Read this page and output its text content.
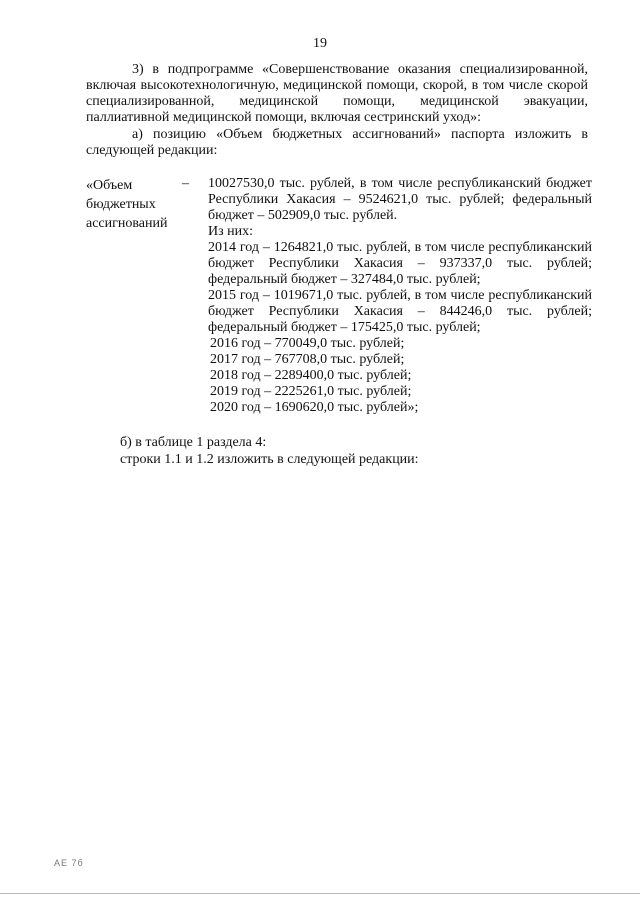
19
3) в подпрограмме «Совершенствование оказания специализированной, включая высокотехнологичную, медицинской помощи, скорой, в том числе скорой специализированной, медицинской помощи, медицинской эвакуации, паллиативной медицинской помощи, включая сестринский уход»:
а) позицию «Объем бюджетных ассигнований» паспорта изложить в следующей редакции:
«Объем
бюджетных
ассигнований
– 10027530,0 тыс. рублей, в том числе республиканский бюджет Республики Хакасия – 9524621,0 тыс. рублей; федеральный бюджет – 502909,0 тыс. рублей.
Из них:
2014 год – 1264821,0 тыс. рублей, в том числе республиканский бюджет Республики Хакасия – 937337,0 тыс. рублей; федеральный бюджет – 327484,0 тыс. рублей;
2015 год – 1019671,0 тыс. рублей, в том числе республиканский бюджет Республики Хакасия – 844246,0 тыс. рублей; федеральный бюджет – 175425,0 тыс. рублей;
2016 год – 770049,0 тыс. рублей;
2017 год – 767708,0 тыс. рублей;
2018 год – 2289400,0 тыс. рублей;
2019 год – 2225261,0 тыс. рублей;
2020 год – 1690620,0 тыс. рублей»;
б) в таблице 1 раздела 4:
строки 1.1 и 1.2 изложить в следующей редакции:
АЕ 7б
